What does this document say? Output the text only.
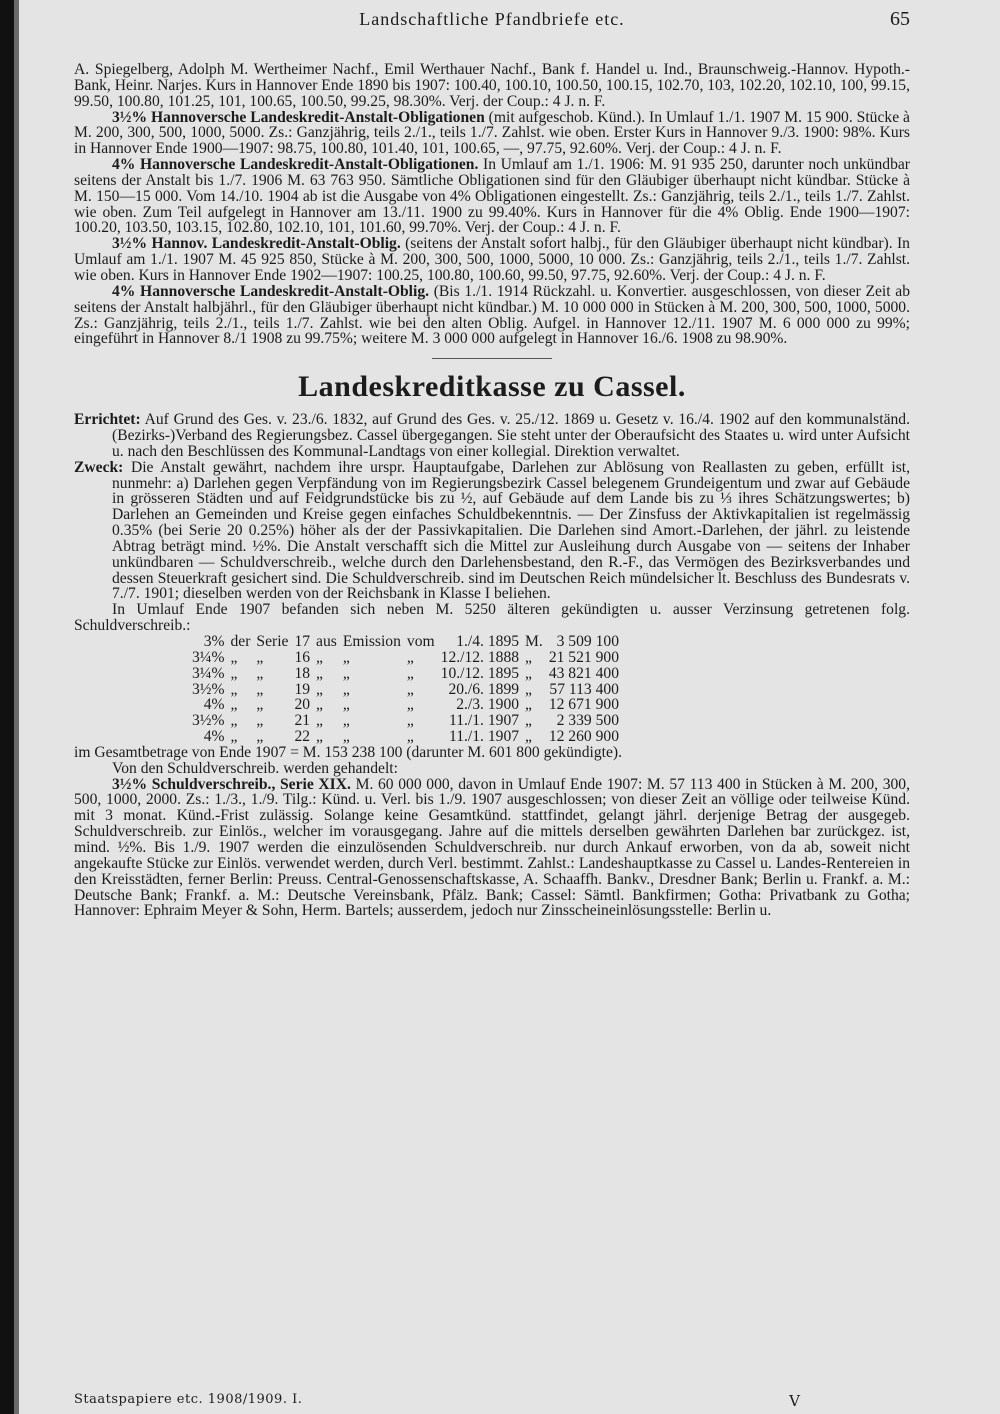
Landschaftliche Pfandbriefe etc.	65

A. Spiegelberg, Adolph M. Wertheimer Nachf., Emil Werthauer Nachf., Bank f. Handel u. Ind., Braunschweig.-Hannov. Hypoth.-Bank, Heinr. Narjes. Kurs in Hannover Ende 1890 bis 1907: 100.40, 100.10, 100.50, 100.15, 102.70, 103, 102.20, 102.10, 100, 99.15, 99.50, 100.80, 101.25, 101, 100.65, 100.50, 99.25, 98.30%. Verj. der Coup.: 4 J. n. F.

3½% Hannoversche Landeskredit-Anstalt-Obligationen (mit aufgeschob. Künd.). In Umlauf 1./1. 1907 M. 15 900. Stücke à M. 200, 300, 500, 1000, 5000. Zs.: Ganzjährig, teils 2./1., teils 1./7. Zahlst. wie oben. Erster Kurs in Hannover 9./3. 1900: 98%. Kurs in Hannover Ende 1900—1907: 98.75, 100.80, 101.40, 101, 100.65, —, 97.75, 92.60%. Verj. der Coup.: 4 J. n. F.

4% Hannoversche Landeskredit-Anstalt-Obligationen. In Umlauf am 1./1. 1906: M. 91 935 250, darunter noch unkündbar seitens der Anstalt bis 1./7. 1906 M. 63 763 950. Sämtliche Obligationen sind für den Gläubiger überhaupt nicht kündbar. Stücke à M. 150—15 000. Vom 14./10. 1904 ab ist die Ausgabe von 4% Obligationen eingestellt. Zs.: Ganzjährig, teils 2./1., teils 1./7. Zahlst. wie oben. Zum Teil aufgelegt in Hannover am 13./11. 1900 zu 99.40%. Kurs in Hannover für die 4% Oblig. Ende 1900—1907: 100.20, 103.50, 103.15, 102.80, 102.10, 101, 101.60, 99.70%. Verj. der Coup.: 4 J. n. F.

3½% Hannov. Landeskredit-Anstalt-Oblig. (seitens der Anstalt sofort halbj., für den Gläubiger überhaupt nicht kündbar). In Umlauf am 1./1. 1907 M. 45 925 850, Stücke à M. 200, 300, 500, 1000, 5000, 10 000. Zs.: Ganzjährig, teils 2./1., teils 1./7. Zahlst. wie oben. Kurs in Hannover Ende 1902—1907: 100.25, 100.80, 100.60, 99.50, 97.75, 92.60%. Verj. der Coup.: 4 J. n. F.

4% Hannoversche Landeskredit-Anstalt-Oblig. (Bis 1./1. 1914 Rückzahl. u. Konvertier. ausgeschlossen, von dieser Zeit ab seitens der Anstalt halbjährl., für den Gläubiger überhaupt nicht kündbar.) M. 10 000 000 in Stücken à M. 200, 300, 500, 1000, 5000. Zs.: Ganzjährig, teils 2./1., teils 1./7. Zahlst. wie bei den alten Oblig. Aufgel. in Hannover 12./11. 1907 M. 6 000 000 zu 99%; eingeführt in Hannover 8./1 1908 zu 99.75%; weitere M. 3 000 000 aufgelegt in Hannover 16./6. 1908 zu 98.90%.

Landeskreditkasse zu Cassel.

Errichtet: Auf Grund des Ges. v. 23./6. 1832, auf Grund des Ges. v. 25./12. 1869 u. Gesetz v. 16./4. 1902 auf den kommunalständ. (Bezirks-)Verband des Regierungsbez. Cassel übergegangen. Sie steht unter der Oberaufsicht des Staates u. wird unter Aufsicht u. nach den Beschlüssen des Kommunal-Landtags von einer kollegial. Direktion verwaltet.

Zweck: Die Anstalt gewährt, nachdem ihre urspr. Hauptaufgabe, Darlehen zur Ablösung von Reallasten zu geben, erfüllt ist, nunmehr: a) Darlehen gegen Verpfändung von im Regierungsbezirk Cassel belegenem Grundeigentum und zwar auf Gebäude in grösseren Städten und auf Feidgrundstücke bis zu ½, auf Gebäude auf dem Lande bis zu ⅓ ihres Schätzungswertes; b) Darlehen an Gemeinden und Kreise gegen einfaches Schuldbekenntnis. — Der Zinsfuss der Aktivkapitalien ist regelmässig 0.35% (bei Serie 20 0.25%) höher als der der Passivkapitalien. Die Darlehen sind Amort.-Darlehen, der jährl. zu leistende Abtrag beträgt mind. ½%. Die Anstalt verschafft sich die Mittel zur Ausleihung durch Ausgabe von — seitens der Inhaber unkündbaren — Schuldverschreib., welche durch den Darlehensbestand, den R.-F., das Vermögen des Bezirksverbandes und dessen Steuerkraft gesichert sind. Die Schuldverschreib. sind im Deutschen Reich mündelsicher lt. Beschluss des Bundesrats v. 7./7. 1901; dieselben werden von der Reichsbank in Klasse I beliehen.

In Umlauf Ende 1907 befanden sich neben M. 5250 älteren gekündigten u. ausser Verzinsung getretenen folg. Schuldverschreib.:

3%	der	Serie	17	aus	Emission	vom	1./4. 1895	M.	3 509 100
3¼%	„	„	16	„	„	„	12./12. 1888	„	21 521 900
3¼%	„	„	18	„	„	„	10./12. 1895	„	43 821 400
3½%	„	„	19	„	„	„	20./6. 1899	„	57 113 400
4%	„	„	20	„	„	„	2./3. 1900	„	12 671 900
3½%	„	„	21	„	„	„	11./1. 1907	„	2 339 500
4%	„	„	22	„	„	„	11./1. 1907	„	12 260 900

im Gesamtbetrage von Ende 1907 = M. 153 238 100 (darunter M. 601 800 gekündigte).

Von den Schuldverschreib. werden gehandelt:

3½% Schuldverschreib., Serie XIX. M. 60 000 000, davon in Umlauf Ende 1907: M. 57 113 400 in Stücken à M. 200, 300, 500, 1000, 2000. Zs.: 1./3., 1./9. Tilg.: Künd. u. Verl. bis 1./9. 1907 ausgeschlossen; von dieser Zeit an völlige oder teilweise Künd. mit 3 monat. Künd.-Frist zulässig. Solange keine Gesamtkünd. stattfindet, gelangt jährl. derjenige Betrag der ausgegeb. Schuldverschreib. zur Einlös., welcher im vorausgegang. Jahre auf die mittels derselben gewährten Darlehen bar zurückgez. ist, mind. ½%. Bis 1./9. 1907 werden die einzulösenden Schuldverschreib. nur durch Ankauf erworben, von da ab, soweit nicht angekaufte Stücke zur Einlös. verwendet werden, durch Verl. bestimmt. Zahlst.: Landeshauptkasse zu Cassel u. Landes-Rentereien in den Kreisstädten, ferner Berlin: Preuss. Central-Genossenschaftskasse, A. Schaaffh. Bankv., Dresdner Bank; Berlin u. Frankf. a. M.: Deutsche Bank; Frankf. a. M.: Deutsche Vereinsbank, Pfälz. Bank; Cassel: Sämtl. Bankfirmen; Gotha: Privatbank zu Gotha; Hannover: Ephraim Meyer & Sohn, Herm. Bartels; ausserdem, jedoch nur Zinsscheineinlösungsstelle: Berlin u.

Staatspapiere etc. 1908/1909. I.	V
